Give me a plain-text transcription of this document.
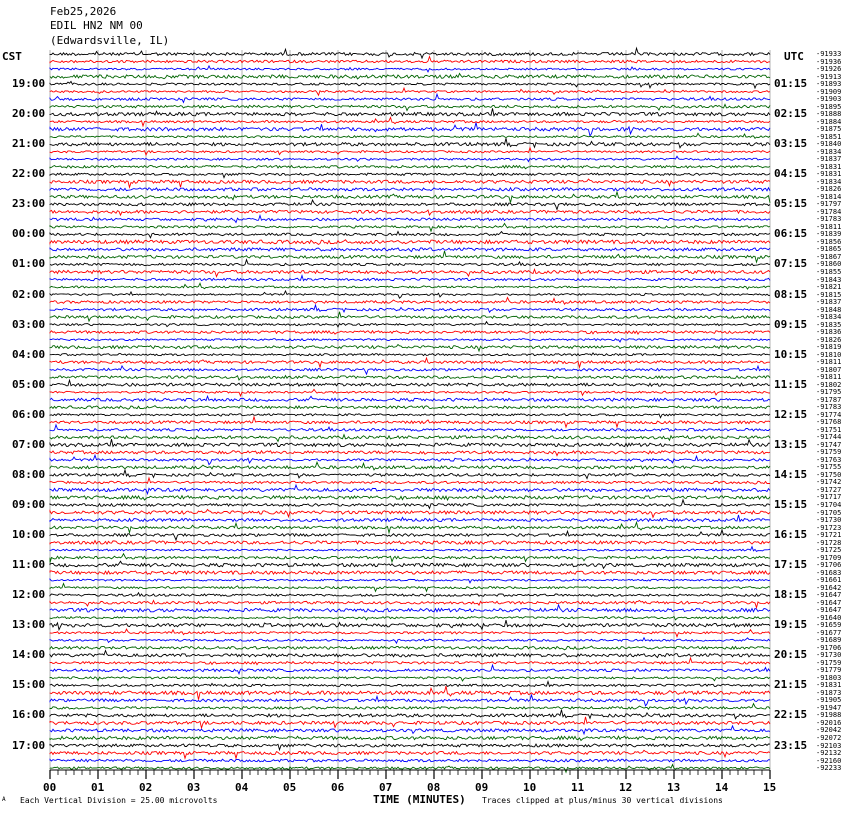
Feb25,2026
EDIL HN2 NM 00
(Edwardsville, IL)
CST	UTC
19:00
20:00
21:00
22:00
23:00
00:00
01:00
02:00
03:00
04:00
05:00
06:00
07:00
08:00
09:00
10:00
11:00
12:00
13:00
14:00
15:00
16:00
17:00
01:15
02:15
03:15
04:15
05:15
06:15
07:15
08:15
09:15
10:15
11:15
12:15
13:15
14:15
15:15
16:15
17:15
18:15
19:15
20:15
21:15
22:15
23:15
-91933
-91936
-91926
-91913
-91893
-91909
-91903
-91895
-91888
-91884
-91875
-91851
-91840
-91834
-91837
-91831
-91831
-91834
-91826
-91814
-91797
-91784
-91783
-91811
-91839
-91856
-91865
-91867
-91860
-91855
-91843
-91821
-91815
-91837
-91848
-91834
-91835
-91836
-91826
-91819
-91810
-91811
-91807
-91811
-91802
-91795
-91787
-91783
-91774
-91768
-91751
-91744
-91747
-91759
-91763
-91755
-91750
-91742
-91727
-91717
-91704
-91705
-91730
-91723
-91721
-91728
-91725
-91709
-91706
-91683
-91661
-91642
-91647
-91647
-91647
-91640
-91659
-91677
-91689
-91706
-91730
-91759
-91779
-91803
-91831
-91873
-91905
-91947
-91988
-92016
-92042
-92072
-92103
-92132
-92160
-92233
00	01	02	03	04	05	06	07	08	09	10	11	12	13	14	15
TIME (MINUTES)
A Each Vertical Division = 25.00 microvolts	Traces clipped at plus/minus 30 vertical divisions
